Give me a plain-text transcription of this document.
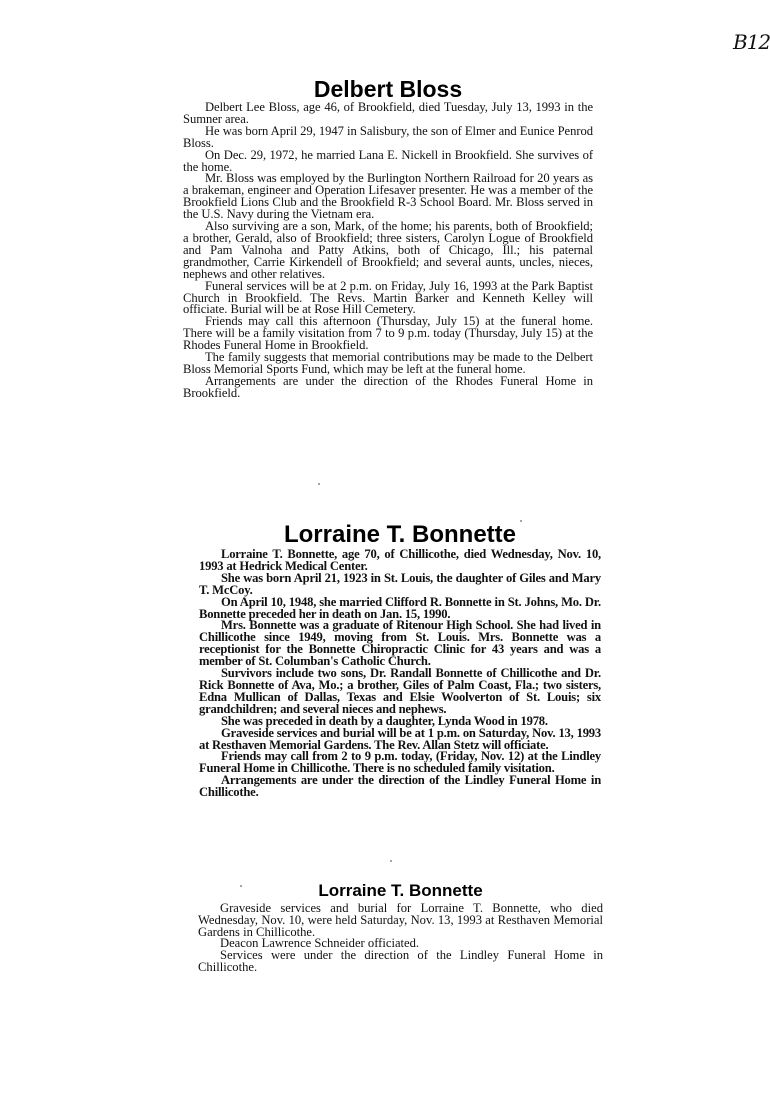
B12
Delbert Bloss

Delbert Lee Bloss, age 46, of Brookfield, died Tuesday, July 13, 1993 in the Sumner area.

He was born April 29, 1947 in Salisbury, the son of Elmer and Eunice Penrod Bloss.

On Dec. 29, 1972, he married Lana E. Nickell in Brookfield. She survives of the home.

Mr. Bloss was employed by the Burlington Northern Railroad for 20 years as a brakeman, engineer and Operation Lifesaver presenter. He was a member of the Brookfield Lions Club and the Brookfield R-3 School Board. Mr. Bloss served in the U.S. Navy during the Vietnam era.

Also surviving are a son, Mark, of the home; his parents, both of Brookfield; a brother, Gerald, also of Brookfield; three sisters, Carolyn Logue of Brookfield and Pam Valnoha and Patty Atkins, both of Chicago, Ill.; his paternal grandmother, Carrie Kirkendell of Brookfield; and several aunts, uncles, nieces, nephews and other relatives.

Funeral services will be at 2 p.m. on Friday, July 16, 1993 at the Park Baptist Church in Brookfield. The Revs. Martin Barker and Kenneth Kelley will officiate. Burial will be at Rose Hill Cemetery.

Friends may call this afternoon (Thursday, July 15) at the funeral home. There will be a family visitation from 7 to 9 p.m. today (Thursday, July 15) at the Rhodes Funeral Home in Brookfield.

The family suggests that memorial contributions may be made to the Delbert Bloss Memorial Sports Fund, which may be left at the funeral home.

Arrangements are under the direction of the Rhodes Funeral Home in Brookfield.

Lorraine T. Bonnette

Lorraine T. Bonnette, age 70, of Chillicothe, died Wednesday, Nov. 10, 1993 at Hedrick Medical Center.

She was born April 21, 1923 in St. Louis, the daughter of Giles and Mary T. McCoy.

On April 10, 1948, she married Clifford R. Bonnette in St. Johns, Mo. Dr. Bonnette preceded her in death on Jan. 15, 1990.

Mrs. Bonnette was a graduate of Ritenour High School. She had lived in Chillicothe since 1949, moving from St. Louis. Mrs. Bonnette was a receptionist for the Bonnette Chiropractic Clinic for 43 years and was a member of St. Columban's Catholic Church.

Survivors include two sons, Dr. Randall Bonnette of Chillicothe and Dr. Rick Bonnette of Ava, Mo.; a brother, Giles of Palm Coast, Fla.; two sisters, Edna Mullican of Dallas, Texas and Elsie Woolverton of St. Louis; six grandchildren; and several nieces and nephews.

She was preceded in death by a daughter, Lynda Wood in 1978.

Graveside services and burial will be at 1 p.m. on Saturday, Nov. 13, 1993 at Resthaven Memorial Gardens. The Rev. Allan Stetz will officiate.

Friends may call from 2 to 9 p.m. today, (Friday, Nov. 12) at the Lindley Funeral Home in Chillicothe. There is no scheduled family visitation.

Arrangements are under the direction of the Lindley Funeral Home in Chillicothe.

Lorraine T. Bonnette

Graveside services and burial for Lorraine T. Bonnette, who died Wednesday, Nov. 10, were held Saturday, Nov. 13, 1993 at Resthaven Memorial Gardens in Chillicothe.

Deacon Lawrence Schneider officiated.

Services were under the direction of the Lindley Funeral Home in Chillicothe.
